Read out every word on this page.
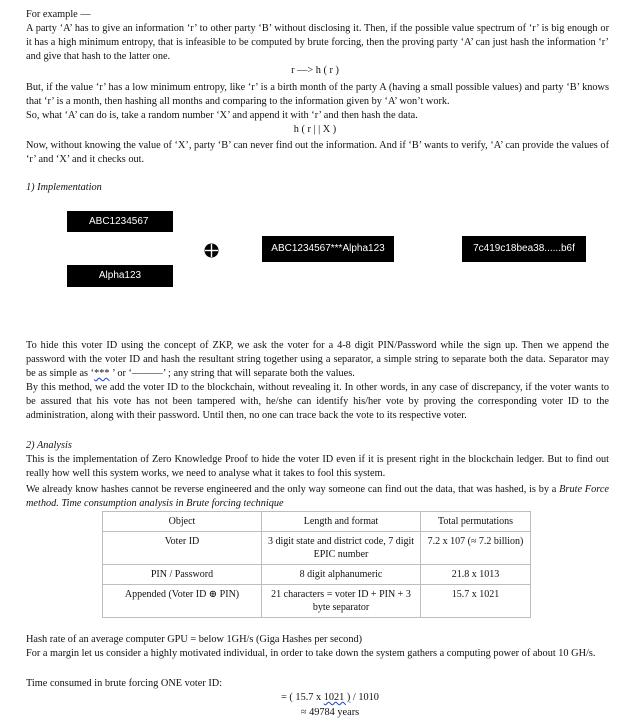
For example —

A party ‘A’ has to give an information ‘r’ to other party ‘B’ without disclosing it. Then, if the possible value spectrum of ‘r’ is big enough or it has a high minimum entropy, that is infeasible to be computed by brute forcing, then the proving party ‘A’ can just hash the information ‘r’ and give that hash to the latter one.

r —> h ( r )

But, if the value ‘r’ has a low minimum entropy, like ‘r’ is a birth month of the party A (having a small possible values) and party ‘B’ knows that ‘r’ is a month, then hashing all months and comparing to the information given by ‘A’ won’t work.

So, what ‘A’ can do is, take a random number ‘X’ and append it with ‘r’ and then hash the data.

h ( r | | X )

Now, without knowing the value of ‘X’, party ‘B’ can never find out the information. And if ‘B’ wants to verify, ‘A’ can provide the values of ‘r’ and ‘X’ and it checks out.

1) Implementation

ABC1234567
Alpha123
ABC1234567***Alpha123	7c419c18bea38......b6f

To hide this voter ID using the concept of ZKP, we ask the voter for a 4-8 digit PIN/Password while the sign up. Then we append the password with the voter ID and hash the resultant string together using a separator, a simple string to separate both the data. Separator may be as simple as ‘*** ’ or ‘———’ ; any string that will separate both the values.

By this method, we add the voter ID to the blockchain, without revealing it. In other words, in any case of discrepancy, if the voter wants to be assured that his vote has not been tampered with, he/she can identify his/her vote by proving the corresponding voter ID to the administration, along with their password. Until then, no one can trace back the vote to its respective voter.

2) Analysis

This is the implementation of Zero Knowledge Proof to hide the voter ID even if it is present right in the blockchain ledger. But to find out really how well this system works, we need to analyse what it takes to fool this system.

We already know hashes cannot be reverse engineered and the only way someone can find out the data, that was hashed, is by a Brute Force method. Time consumption analysis in Brute forcing technique

Object	Length and format	Total permutations
Voter ID	3 digit state and district code, 7 digit EPIC number	7.2 x 107 (≈ 7.2 billion)
PIN / Password	8 digit alphanumeric	21.8 x 1013
Appended (Voter ID ⊕ PIN)	21 characters = voter ID + PIN + 3 byte separator	15.7 x 1021

Hash rate of an average computer GPU = below 1GH/s (Giga Hashes per second)

For a margin let us consider a highly motivated individual, in order to take down the system gathers a computing power of about 10 GH/s.

Time consumed in brute forcing ONE voter ID:

= ( 15.7 x 1021 ) / 1010

≈ 49784 years
